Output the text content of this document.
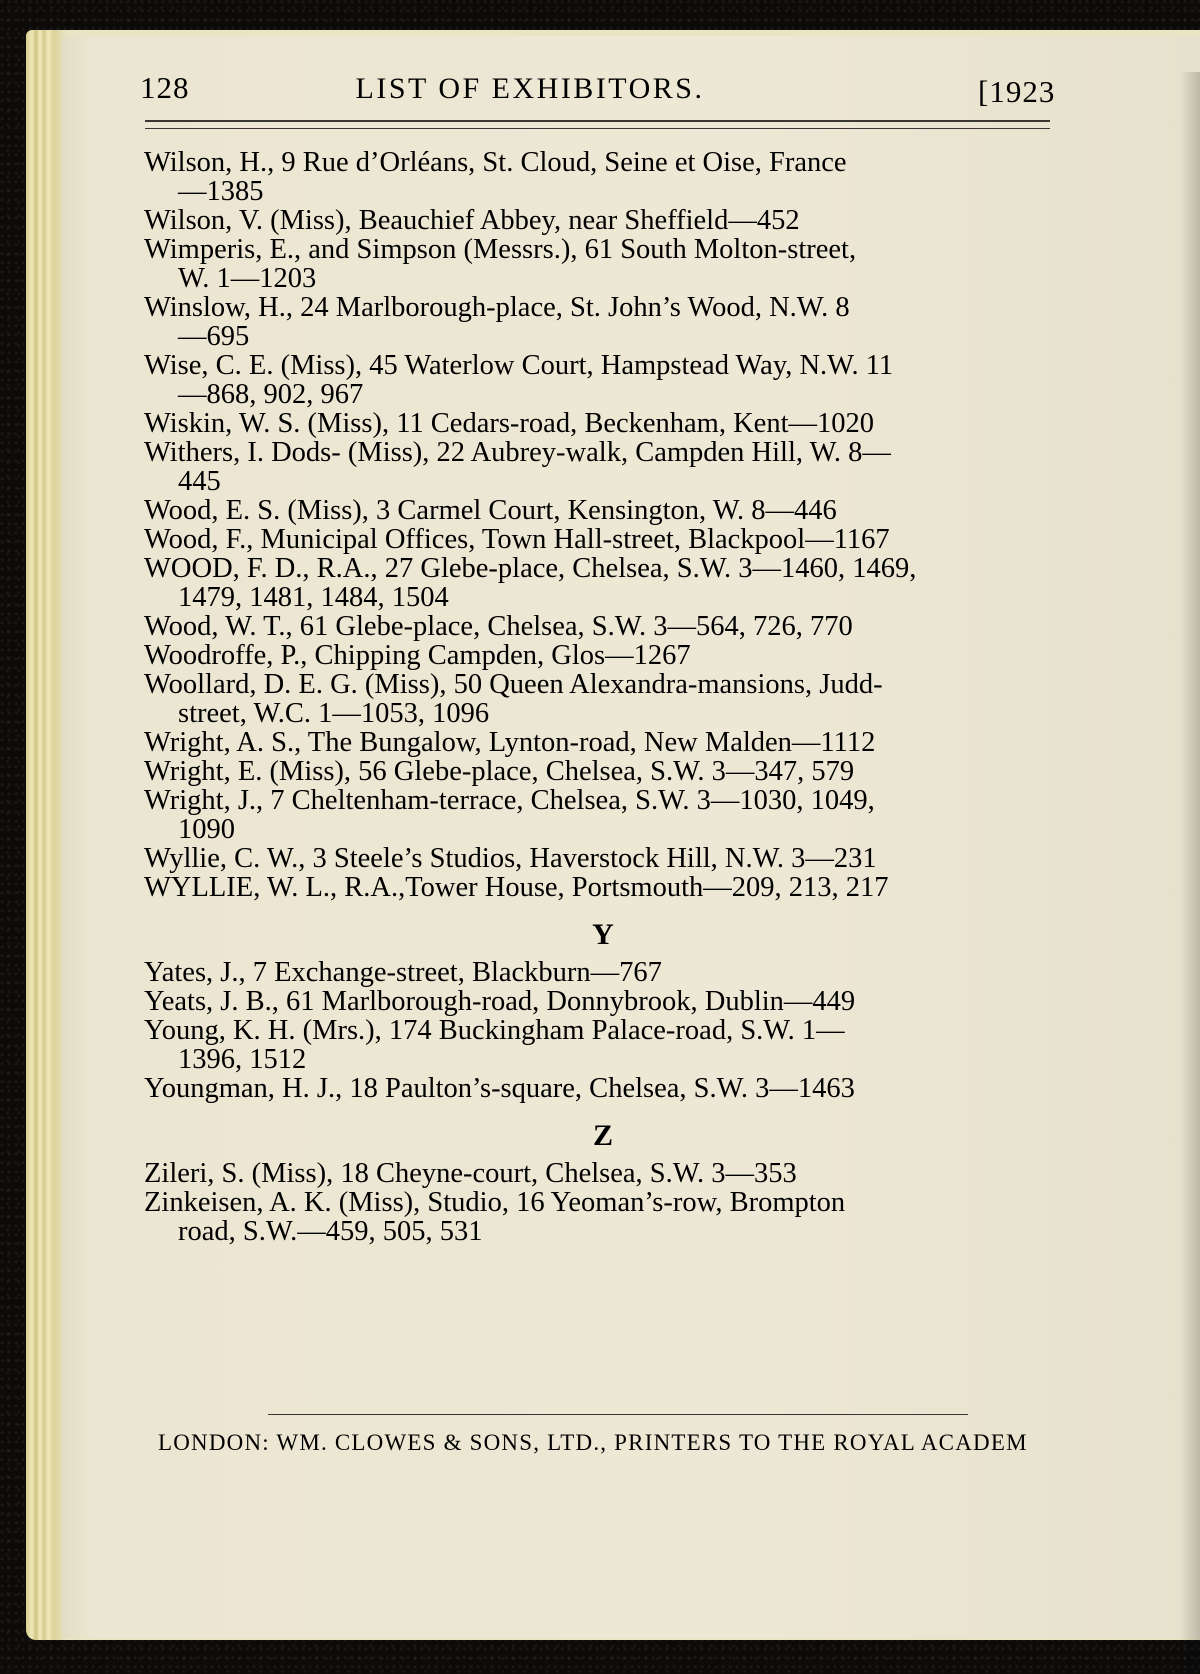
128	LIST OF EXHIBITORS.	[1923
Wilson, H., 9 Rue d’Orléans, St. Cloud, Seine et Oise, France
—1385
Wilson, V. (Miss), Beauchief Abbey, near Sheffield—452
Wimperis, E., and Simpson (Messrs.), 61 South Molton-street,
W. 1—1203
Winslow, H., 24 Marlborough-place, St. John’s Wood, N.W. 8
—695
Wise, C. E. (Miss), 45 Waterlow Court, Hampstead Way, N.W. 11
—868, 902, 967
Wiskin, W. S. (Miss), 11 Cedars-road, Beckenham, Kent—1020
Withers, I. Dods- (Miss), 22 Aubrey-walk, Campden Hill, W. 8—
445
Wood, E. S. (Miss), 3 Carmel Court, Kensington, W. 8—446
Wood, F., Municipal Offices, Town Hall-street, Blackpool—1167
WOOD, F. D., R.A., 27 Glebe-place, Chelsea, S.W. 3—1460, 1469,
1479, 1481, 1484, 1504
Wood, W. T., 61 Glebe-place, Chelsea, S.W. 3—564, 726, 770
Woodroffe, P., Chipping Campden, Glos—1267
Woollard, D. E. G. (Miss), 50 Queen Alexandra-mansions, Judd-
street, W.C. 1—1053, 1096
Wright, A. S., The Bungalow, Lynton-road, New Malden—1112
Wright, E. (Miss), 56 Glebe-place, Chelsea, S.W. 3—347, 579
Wright, J., 7 Cheltenham-terrace, Chelsea, S.W. 3—1030, 1049,
1090
Wyllie, C. W., 3 Steele’s Studios, Haverstock Hill, N.W. 3—231
WYLLIE, W. L., R.A.,Tower House, Portsmouth—209, 213, 217
Y
Yates, J., 7 Exchange-street, Blackburn—767
Yeats, J. B., 61 Marlborough-road, Donnybrook, Dublin—449
Young, K. H. (Mrs.), 174 Buckingham Palace-road, S.W. 1—
1396, 1512
Youngman, H. J., 18 Paulton’s-square, Chelsea, S.W. 3—1463
Z
Zileri, S. (Miss), 18 Cheyne-court, Chelsea, S.W. 3—353
Zinkeisen, A. K. (Miss), Studio, 16 Yeoman’s-row, Brompton
road, S.W.—459, 505, 531
LONDON: WM. CLOWES & SONS, LTD., PRINTERS TO THE ROYAL ACADEM
